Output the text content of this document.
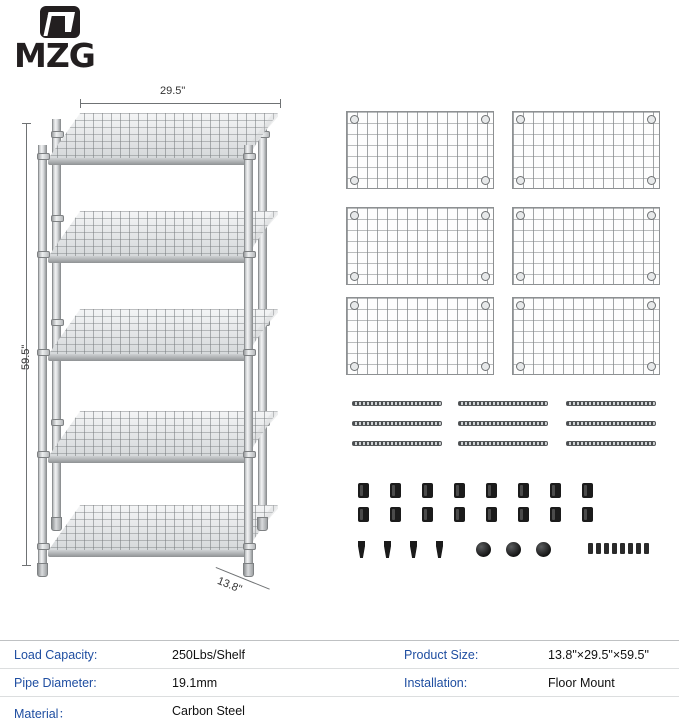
MZG
29.5"
59.5"
13.8"
Load Capacity:	250Lbs/Shelf	Product Size:	13.8"×29.5"×59.5"
Pipe Diameter:	19.1mm	Installation:	Floor Mount
Material：	Carbon Steel
